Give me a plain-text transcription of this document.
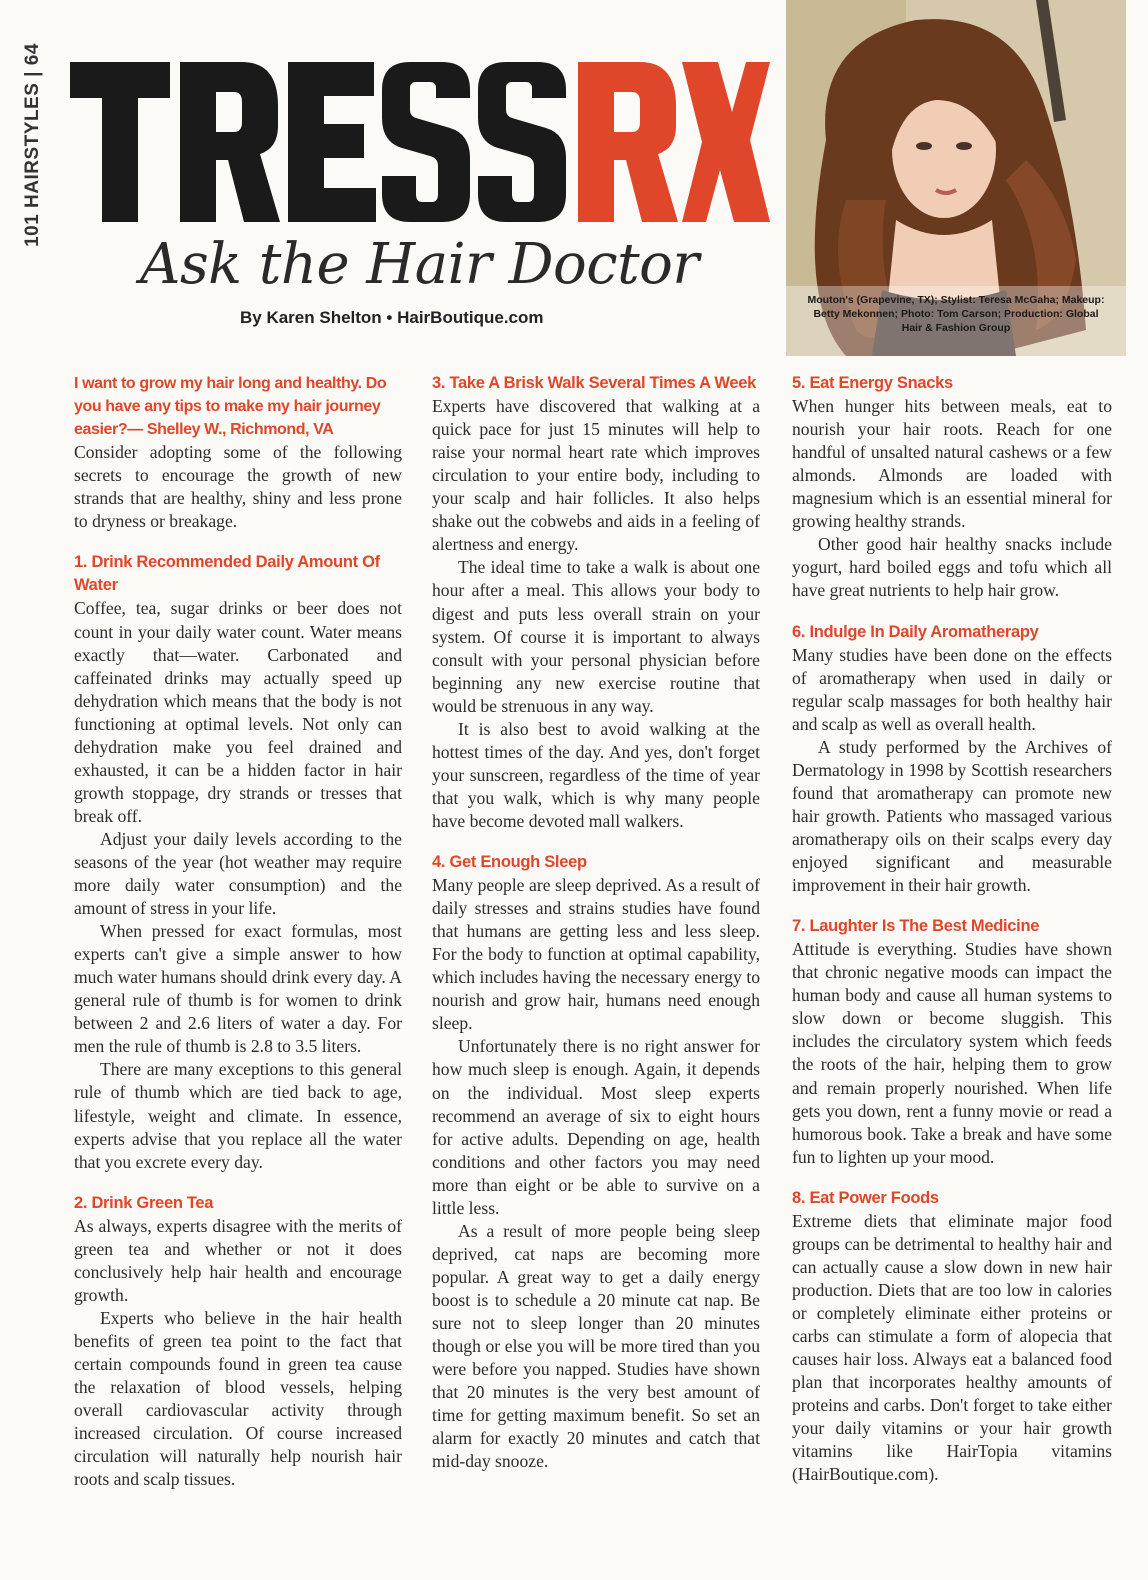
101 HAIRSTYLES | 64
Ask the Hair Doctor
By Karen Shelton • HairBoutique.com
Mouton's (Grapevine, TX); Stylist: Teresa McGaha; Makeup: Betty Mekonnen; Photo: Tom Carson; Production: Global Hair & Fashion Group
I want to grow my hair long and healthy. Do you have any tips to make my hair journey easier?— Shelley W., Richmond, VA

Consider adopting some of the following secrets to encourage the growth of new strands that are healthy, shiny and less prone to dryness or breakage.

1. Drink Recommended Daily Amount Of Water

Coffee, tea, sugar drinks or beer does not count in your daily water count. Water means exactly that—water. Carbonated and caffeinated drinks may actually speed up dehydration which means that the body is not functioning at optimal levels. Not only can dehydration make you feel drained and exhausted, it can be a hidden factor in hair growth stoppage, dry strands or tresses that break off.

Adjust your daily levels according to the seasons of the year (hot weather may require more daily water consumption) and the amount of stress in your life.

When pressed for exact formulas, most experts can't give a simple answer to how much water humans should drink every day. A general rule of thumb is for women to drink between 2 and 2.6 liters of water a day. For men the rule of thumb is 2.8 to 3.5 liters.

There are many exceptions to this general rule of thumb which are tied back to age, lifestyle, weight and climate. In essence, experts advise that you replace all the water that you excrete every day.

2. Drink Green Tea

As always, experts disagree with the merits of green tea and whether or not it does conclusively help hair health and encourage growth.

Experts who believe in the hair health benefits of green tea point to the fact that certain compounds found in green tea cause the relaxation of blood vessels, helping overall cardiovascular activity through increased circulation. Of course increased circulation will naturally help nourish hair roots and scalp tissues.

3. Take A Brisk Walk Several Times A Week

Experts have discovered that walking at a quick pace for just 15 minutes will help to raise your normal heart rate which improves circulation to your entire body, including to your scalp and hair follicles. It also helps shake out the cobwebs and aids in a feeling of alertness and energy.

The ideal time to take a walk is about one hour after a meal. This allows your body to digest and puts less overall strain on your system. Of course it is important to always consult with your personal physician before beginning any new exercise routine that would be strenuous in any way.

It is also best to avoid walking at the hottest times of the day. And yes, don't forget your sunscreen, regardless of the time of year that you walk, which is why many people have become devoted mall walkers.

4. Get Enough Sleep

Many people are sleep deprived. As a result of daily stresses and strains studies have found that humans are getting less and less sleep. For the body to function at optimal capability, which includes having the necessary energy to nourish and grow hair, humans need enough sleep.

Unfortunately there is no right answer for how much sleep is enough. Again, it depends on the individual. Most sleep experts recommend an average of six to eight hours for active adults. Depending on age, health conditions and other factors you may need more than eight or be able to survive on a little less.

As a result of more people being sleep deprived, cat naps are becoming more popular. A great way to get a daily energy boost is to schedule a 20 minute cat nap. Be sure not to sleep longer than 20 minutes though or else you will be more tired than you were before you napped. Studies have shown that 20 minutes is the very best amount of time for getting maximum benefit. So set an alarm for exactly 20 minutes and catch that mid-day snooze.

5. Eat Energy Snacks

When hunger hits between meals, eat to nourish your hair roots. Reach for one handful of unsalted natural cashews or a few almonds. Almonds are loaded with magnesium which is an essential mineral for growing healthy strands.

Other good hair healthy snacks include yogurt, hard boiled eggs and tofu which all have great nutrients to help hair grow.

6. Indulge In Daily Aromatherapy

Many studies have been done on the effects of aromatherapy when used in daily or regular scalp massages for both healthy hair and scalp as well as overall health.

A study performed by the Archives of Dermatology in 1998 by Scottish researchers found that aromatherapy can promote new hair growth. Patients who massaged various aromatherapy oils on their scalps every day enjoyed significant and measurable improvement in their hair growth.

7. Laughter Is The Best Medicine

Attitude is everything. Studies have shown that chronic negative moods can impact the human body and cause all human systems to slow down or become sluggish. This includes the circulatory system which feeds the roots of the hair, helping them to grow and remain properly nourished. When life gets you down, rent a funny movie or read a humorous book. Take a break and have some fun to lighten up your mood.

8. Eat Power Foods

Extreme diets that eliminate major food groups can be detrimental to healthy hair and can actually cause a slow down in new hair production. Diets that are too low in calories or completely eliminate either proteins or carbs can stimulate a form of alopecia that causes hair loss. Always eat a balanced food plan that incorporates healthy amounts of proteins and carbs. Don't forget to take either your daily vitamins or your hair growth vitamins like HairTopia vitamins (HairBoutique.com).
